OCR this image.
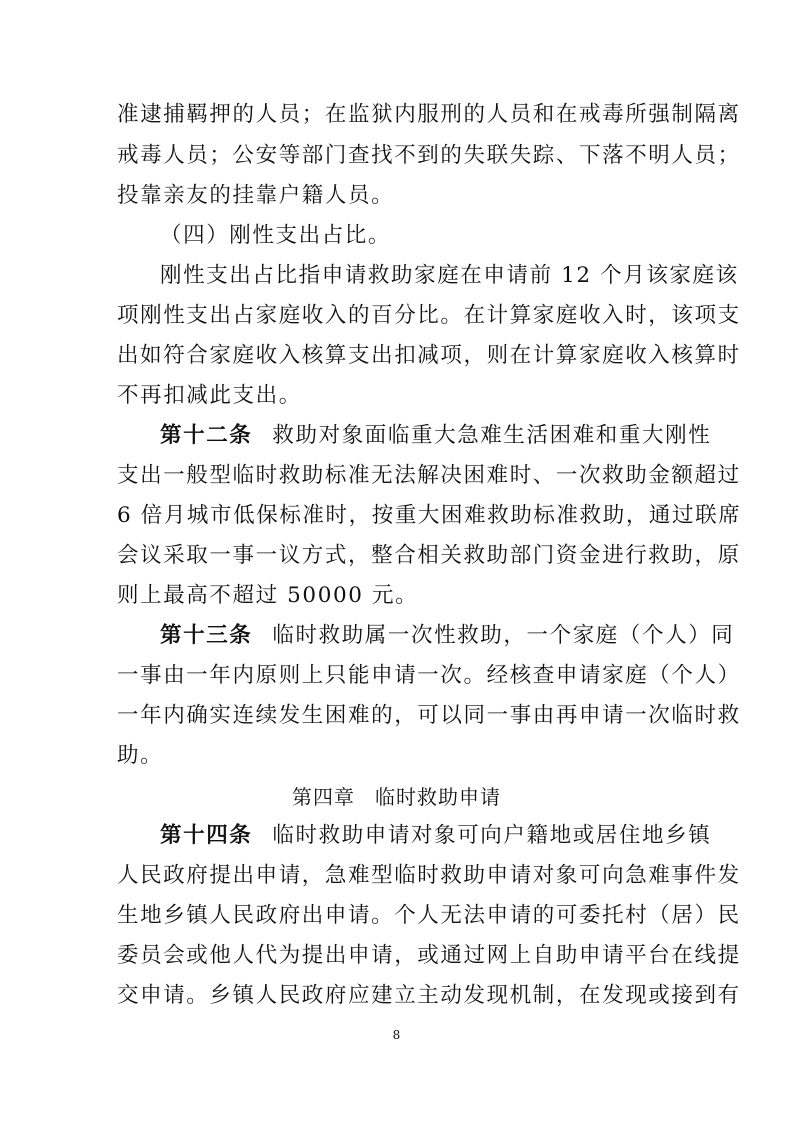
准逮捕羁押的人员；在监狱内服刑的人员和在戒毒所强制隔离
戒毒人员；公安等部门查找不到的失联失踪、下落不明人员；
投靠亲友的挂靠户籍人员。
（四）刚性支出占比。
刚性支出占比指申请救助家庭在申请前 12 个月该家庭该
项刚性支出占家庭收入的百分比。在计算家庭收入时，该项支
出如符合家庭收入核算支出扣减项，则在计算家庭收入核算时
不再扣减此支出。
第十二条 救助对象面临重大急难生活困难和重大刚性
支出一般型临时救助标准无法解决困难时、一次救助金额超过
6 倍月城市低保标准时，按重大困难救助标准救助，通过联席
会议采取一事一议方式，整合相关救助部门资金进行救助，原
则上最高不超过 50000 元。
第十三条 临时救助属一次性救助，一个家庭（个人）同
一事由一年内原则上只能申请一次。经核查申请家庭（个人）
一年内确实连续发生困难的，可以同一事由再申请一次临时救
助。
第四章 临时救助申请
第十四条 临时救助申请对象可向户籍地或居住地乡镇
人民政府提出申请，急难型临时救助申请对象可向急难事件发
生地乡镇人民政府出申请。个人无法申请的可委托村（居）民
委员会或他人代为提出申请，或通过网上自助申请平台在线提
交申请。乡镇人民政府应建立主动发现机制，在发现或接到有
8
